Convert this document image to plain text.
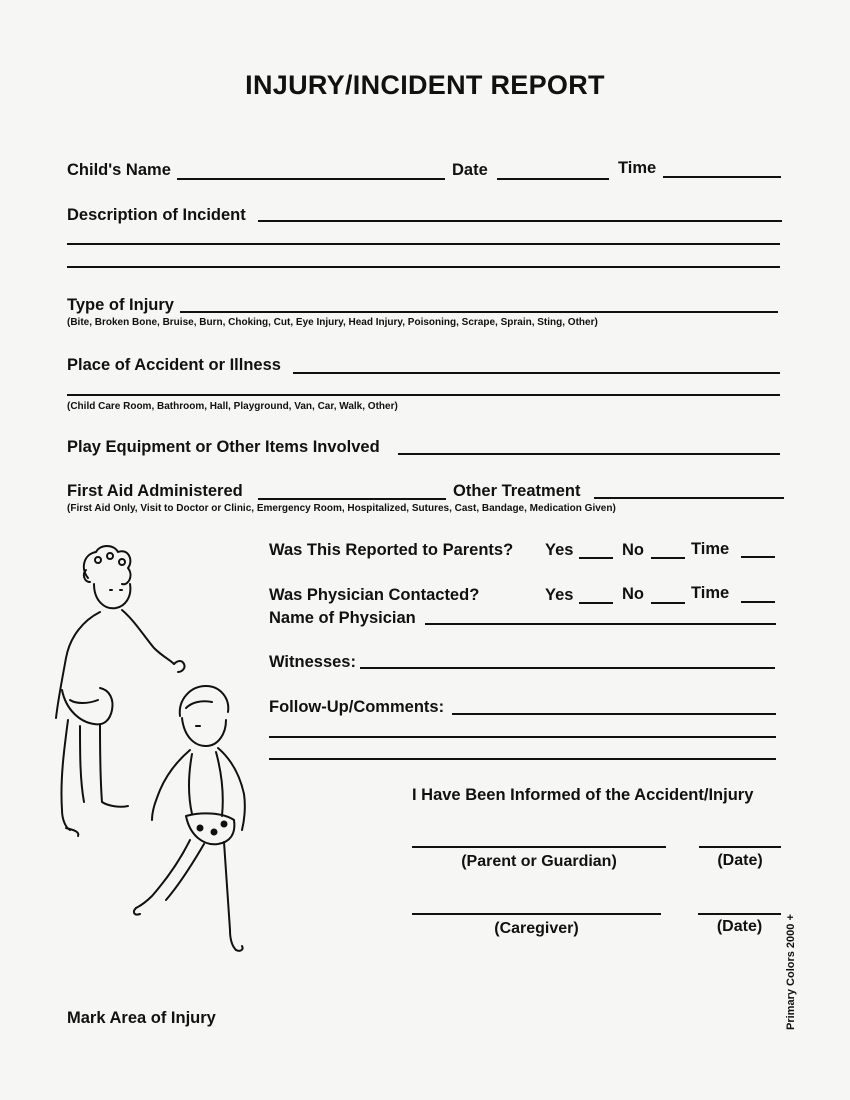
INJURY/INCIDENT REPORT
Child's Name	Date	Time
Description of Incident
Type of Injury
(Bite, Broken Bone, Bruise, Burn, Choking, Cut, Eye Injury, Head Injury, Poisoning, Scrape, Sprain, Sting, Other)
Place of Accident or Illness
(Child Care Room, Bathroom, Hall, Playground, Van, Car, Walk, Other)
Play Equipment or Other Items Involved
First Aid Administered	Other Treatment
(First Aid Only, Visit to Doctor or Clinic, Emergency Room, Hospitalized, Sutures, Cast, Bandage, Medication Given)
Was This Reported to Parents? Yes	No	Time
Was Physician Contacted?	Yes	No	Time
Name of Physician
Witnesses:
Follow-Up/Comments:
I Have Been Informed of the Accident/Injury
(Parent or Guardian)	(Date)
(Caregiver)	(Date)
Mark Area of Injury	Primary Colors 2000 +
